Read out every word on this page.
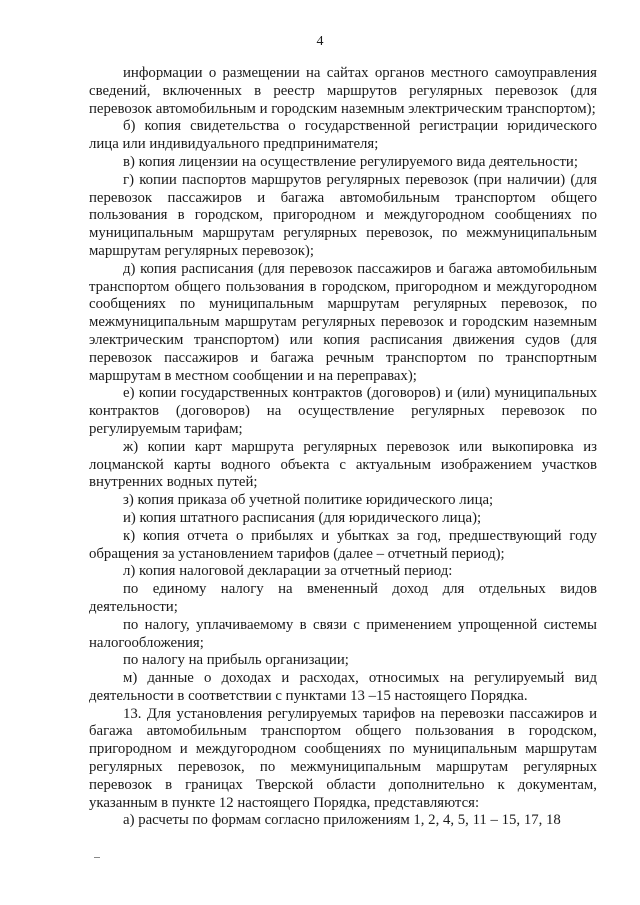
4

информации о размещении на сайтах органов местного самоуправления сведений, включенных в реестр маршрутов регулярных перевозок (для перевозок автомобильным и городским наземным электрическим транспортом);

б) копия свидетельства о государственной регистрации юридического лица или индивидуального предпринимателя;

в) копия лицензии на осуществление регулируемого вида деятельности;

г) копии паспортов маршрутов регулярных перевозок (при наличии) (для перевозок пассажиров и багажа автомобильным транспортом общего пользования в городском, пригородном и междугородном сообщениях по муниципальным маршрутам регулярных перевозок, по межмуниципальным маршрутам регулярных перевозок);

д) копия расписания (для перевозок пассажиров и багажа автомобильным транспортом общего пользования в городском, пригородном и междугородном сообщениях по муниципальным маршрутам регулярных перевозок, по межмуниципальным маршрутам регулярных перевозок и городским наземным электрическим транспортом) или копия расписания движения судов (для перевозок пассажиров и багажа речным транспортом по транспортным маршрутам в местном сообщении и на переправах);

е) копии государственных контрактов (договоров) и (или) муниципальных контрактов (договоров) на осуществление регулярных перевозок по регулируемым тарифам;

ж) копии карт маршрута регулярных перевозок или выкопировка из лоцманской карты водного объекта с актуальным изображением участков внутренних водных путей;

з) копия приказа об учетной политике юридического лица;

и) копия штатного расписания (для юридического лица);

к) копия отчета о прибылях и убытках за год, предшествующий году обращения за установлением тарифов (далее – отчетный период);

л) копия налоговой декларации за отчетный период:

по единому налогу на вмененный доход для отдельных видов деятельности;

по налогу, уплачиваемому в связи с применением упрощенной системы налогообложения;

по налогу на прибыль организации;

м) данные о доходах и расходах, относимых на регулируемый вид деятельности в соответствии с пунктами 13 –15 настоящего Порядка.

13. Для установления регулируемых тарифов на перевозки пассажиров и багажа автомобильным транспортом общего пользования в городском, пригородном и междугородном сообщениях по муниципальным маршрутам регулярных перевозок, по межмуниципальным маршрутам регулярных перевозок в границах Тверской области дополнительно к документам, указанным в пункте 12 настоящего Порядка, представляются:

а) расчеты по формам согласно приложениям 1, 2, 4, 5, 11 – 15, 17, 18
